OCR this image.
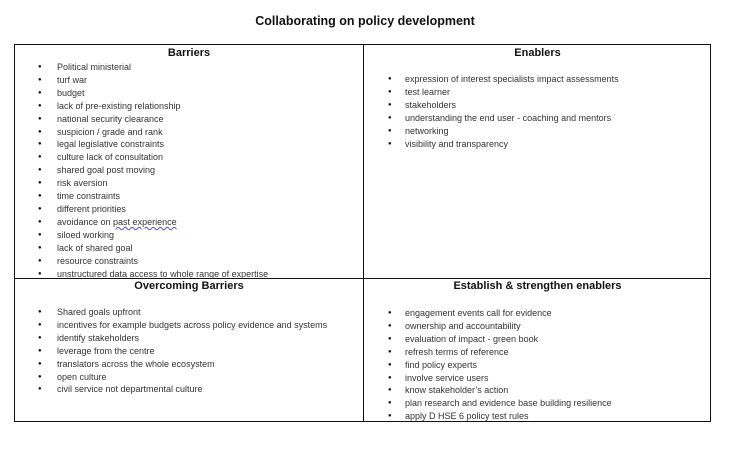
Collaborating on policy development
Barriers
● Political ministerial
● turf war
● budget
● lack of pre-existing relationship
● national security clearance
● suspicion / grade and rank
● legal legislative constraints
● culture lack of consultation
● shared goal post moving
● risk aversion
● time constraints
● different priorities
● avoidance on past experience
● siloed working
● lack of shared goal
● resource constraints
● unstructured data access to whole range of expertise
Enablers
● expression of interest specialists impact assessments
● test learner
● stakeholders
● understanding the end user - coaching and mentors
● networking
● visibility and transparency
Overcoming Barriers
● Shared goals upfront
● incentives for example budgets across policy evidence and systems
● identify stakeholders
● leverage from the centre
● translators across the whole ecosystem
● open culture
● civil service not departmental culture
Establish & strengthen enablers
● engagement events call for evidence
● ownership and accountability
● evaluation of impact - green book
● refresh terms of reference
● find policy experts
● involve service users
● know stakeholder’s action
● plan research and evidence base building resilience
● apply D HSE 6 policy test rules
